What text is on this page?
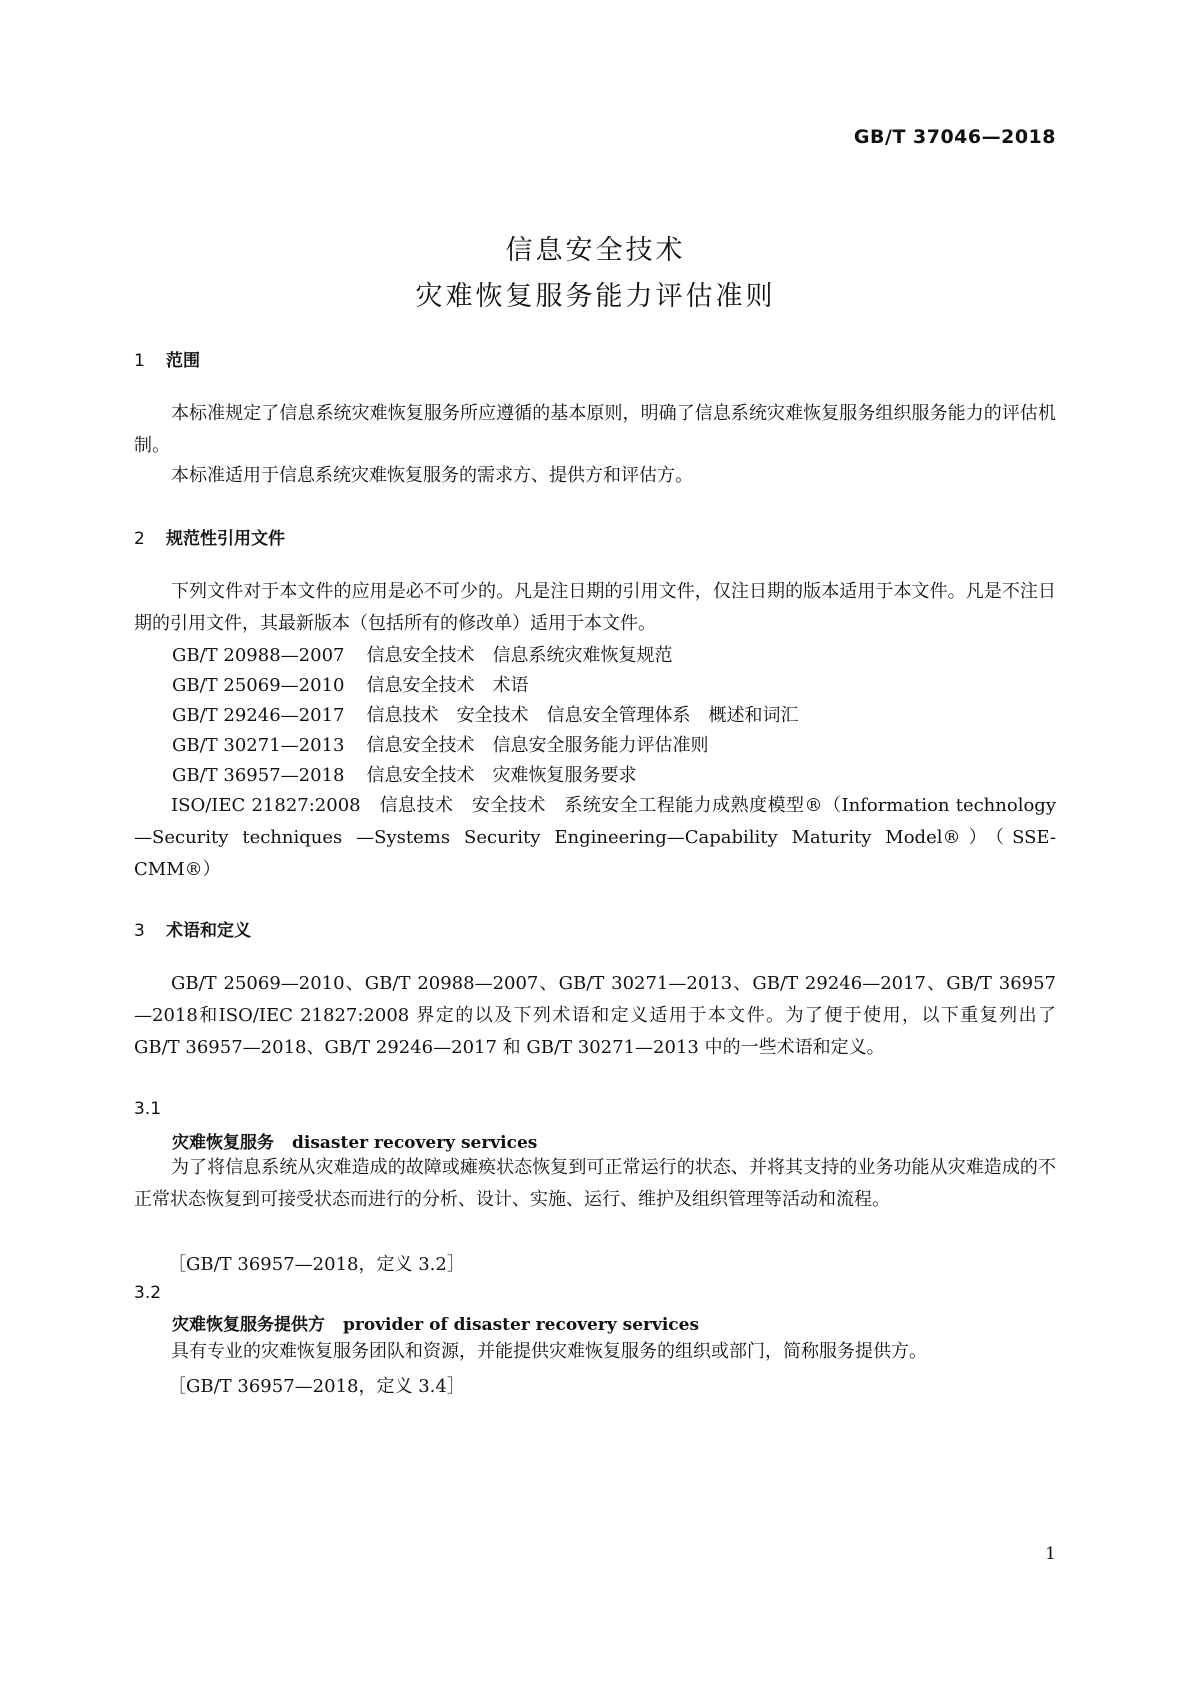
GB/T 37046—2018
信息安全技术
灾难恢复服务能力评估准则
1 范围
本标准规定了信息系统灾难恢复服务所应遵循的基本原则，明确了信息系统灾难恢复服务组织服务能力的评估机制。
本标准适用于信息系统灾难恢复服务的需求方、提供方和评估方。
2 规范性引用文件
下列文件对于本文件的应用是必不可少的。凡是注日期的引用文件，仅注日期的版本适用于本文件。凡是不注日期的引用文件，其最新版本（包括所有的修改单）适用于本文件。
GB/T 20988—2007 信息安全技术　信息系统灾难恢复规范
GB/T 25069—2010 信息安全技术　术语
GB/T 29246—2017 信息技术　安全技术　信息安全管理体系　概述和词汇
GB/T 30271—2013 信息安全技术　信息安全服务能力评估准则
GB/T 36957—2018 信息安全技术　灾难恢复服务要求
ISO/IEC 21827:2008　信息技术　安全技术　系统安全工程能力成熟度模型®（Information technology—Security techniques —Systems Security Engineering—Capability Maturity Model®）（SSE-CMM®）
3 术语和定义
GB/T 25069—2010、GB/T 20988—2007、GB/T 30271—2013、GB/T 29246—2017、GB/T 36957—2018和ISO/IEC 21827:2008 界定的以及下列术语和定义适用于本文件。为了便于使用，以下重复列出了 GB/T 36957—2018、GB/T 29246—2017 和 GB/T 30271—2013 中的一些术语和定义。
3.1
灾难恢复服务 disaster recovery services
为了将信息系统从灾难造成的故障或瘫痪状态恢复到可正常运行的状态、并将其支持的业务功能从灾难造成的不正常状态恢复到可接受状态而进行的分析、设计、实施、运行、维护及组织管理等活动和流程。
［GB/T 36957—2018，定义 3.2］
3.2
灾难恢复服务提供方 provider of disaster recovery services
具有专业的灾难恢复服务团队和资源，并能提供灾难恢复服务的组织或部门，简称服务提供方。
［GB/T 36957—2018，定义 3.4］
1
